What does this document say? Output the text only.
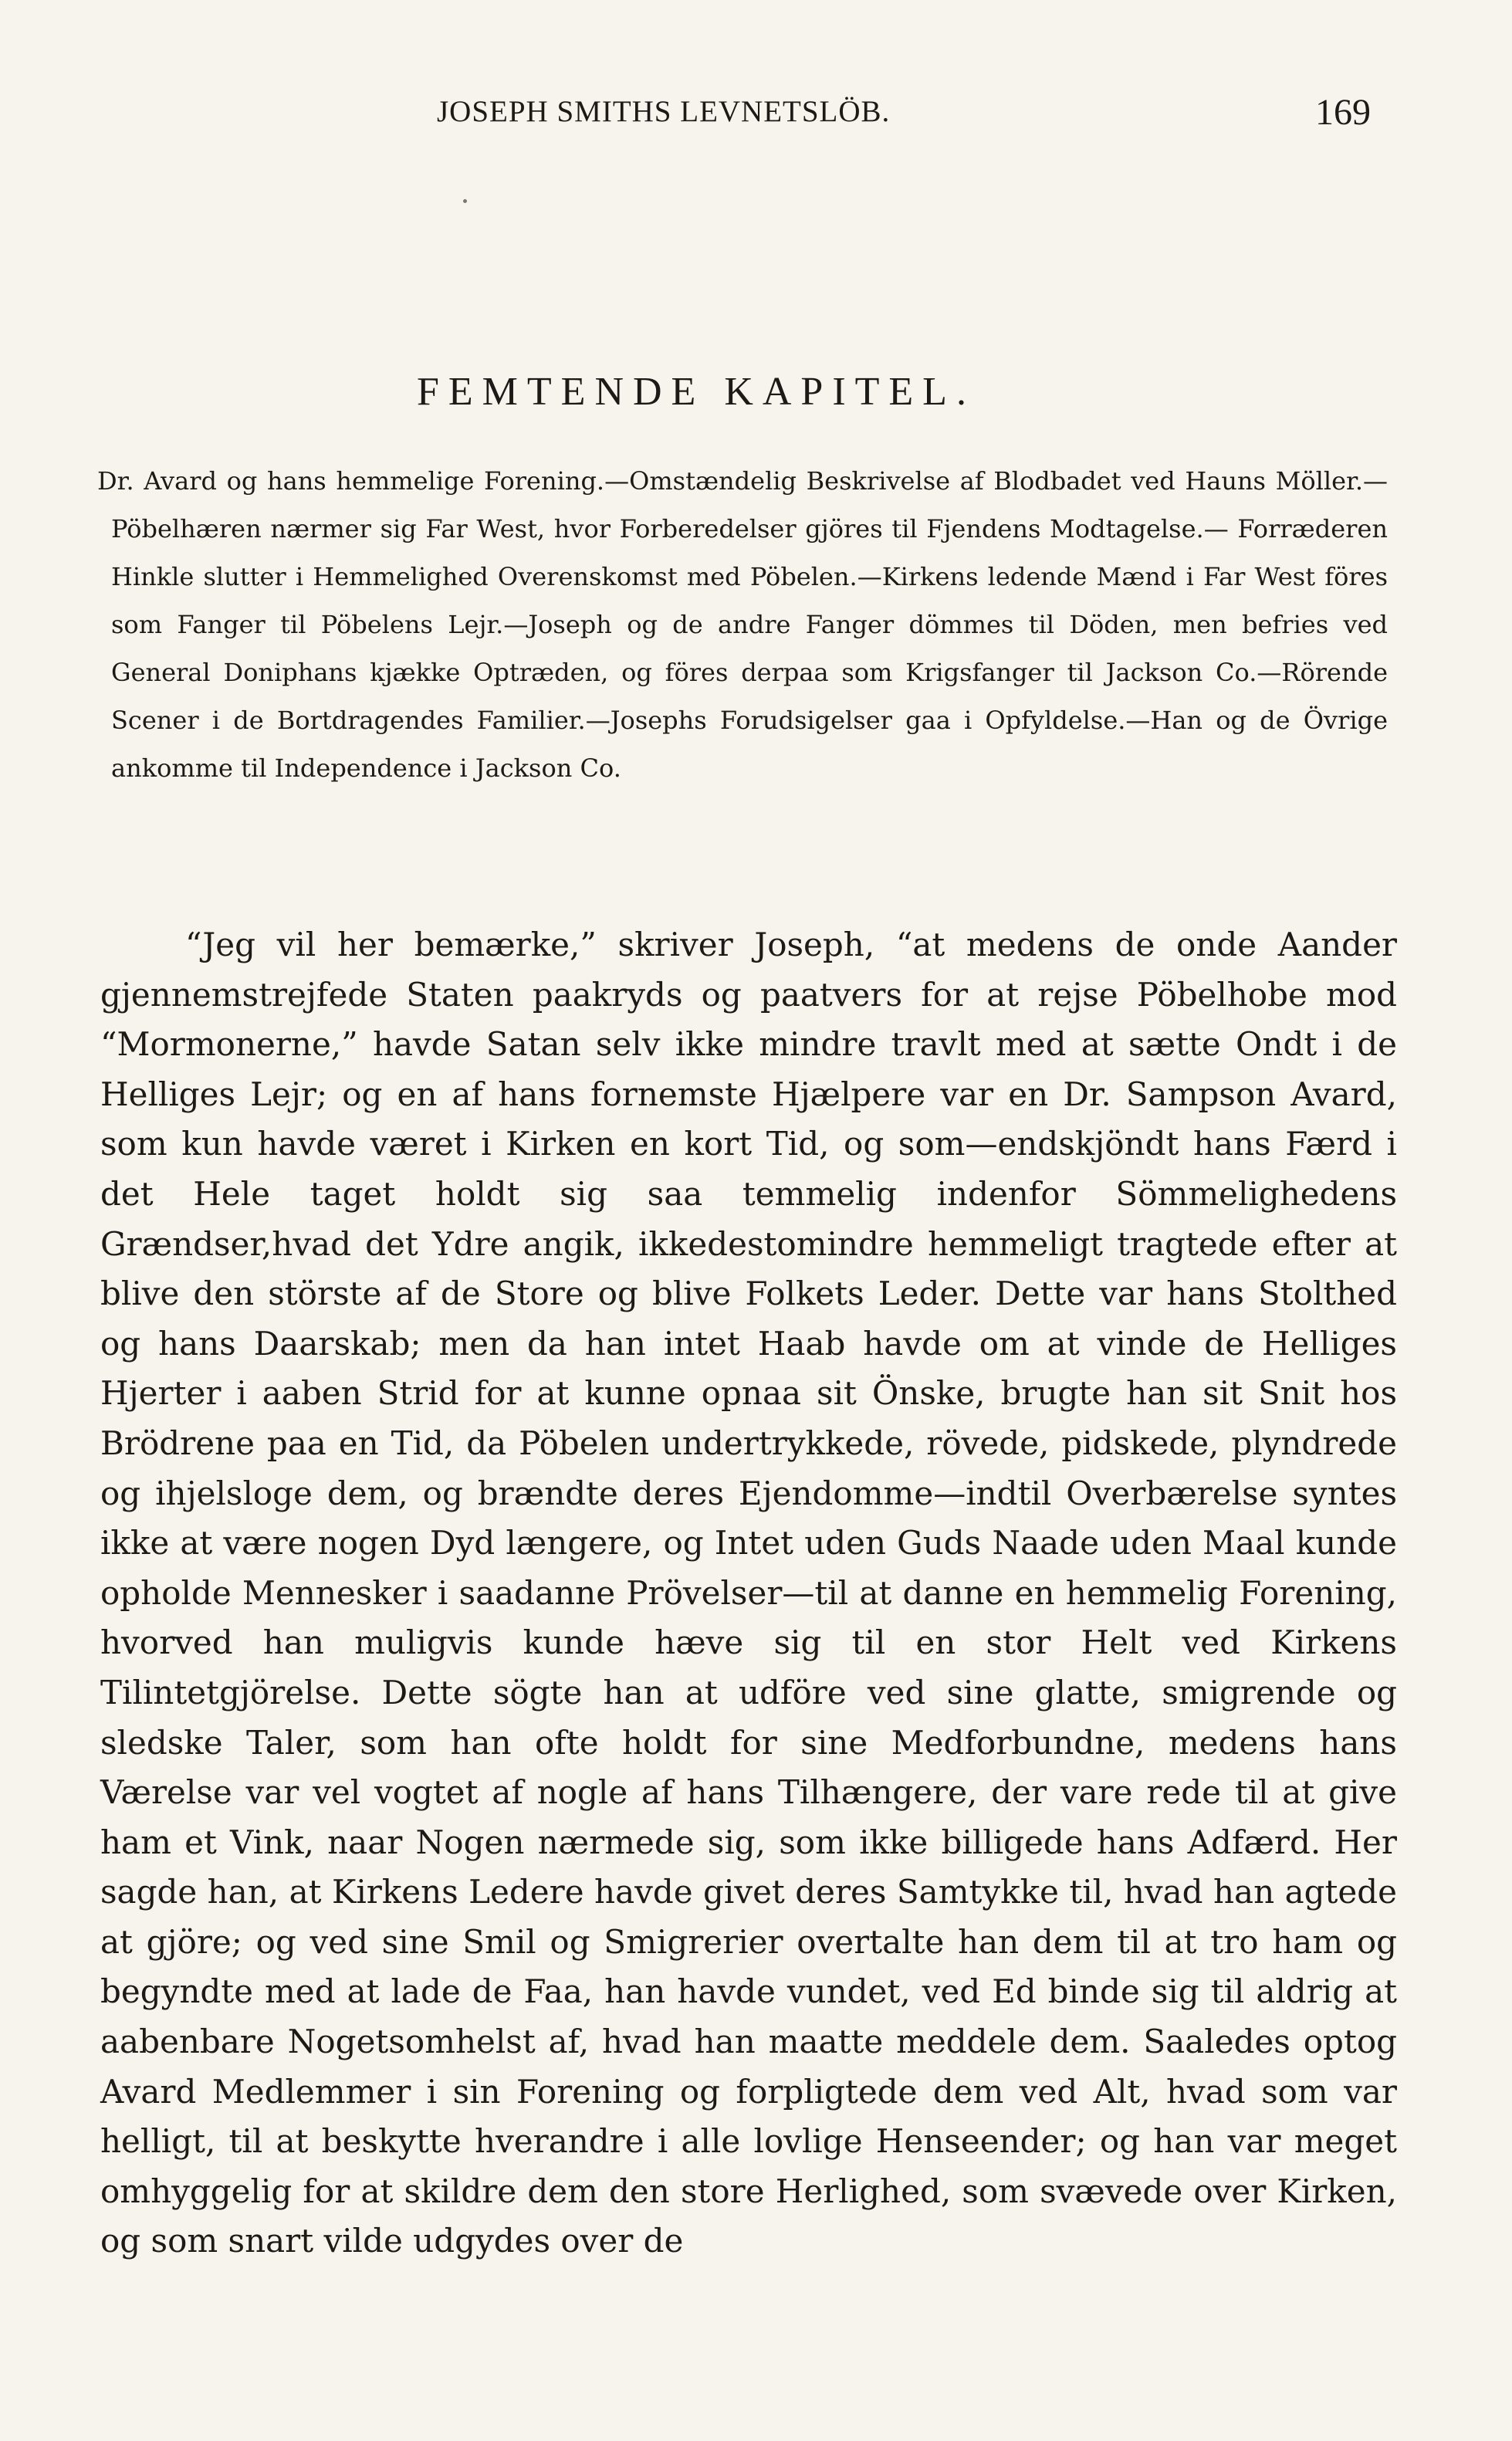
JOSEPH SMITHS LEVNETSLÖB.	169
FEMTENDE KAPITEL.
Dr. Avard og hans hemmelige Forening.—Omstændelig Beskrivelse af Blodbadet ved Hauns Möller.—Pöbelhæren nærmer sig Far West, hvor Forberedelser gjöres til Fjendens Modtagelse.— Forræderen Hinkle slutter i Hemmelighed Overenskomst med Pöbelen.—Kirkens ledende Mænd i Far West föres som Fanger til Pöbelens Lejr.—Joseph og de andre Fanger dömmes til Döden, men befries ved General Doniphans kjække Optræden, og föres derpaa som Krigsfanger til Jackson Co.—Rörende Scener i de Bortdragendes Familier.—Josephs Forudsigelser gaa i Opfyldelse.—Han og de Övrige ankomme til Independence i Jackson Co.

“Jeg vil her bemærke,” skriver Joseph, “at medens de onde Aander gjennemstrejfede Staten paakryds og paatvers for at rejse Pöbelhobe mod “Mormonerne,” havde Satan selv ikke mindre travlt med at sætte Ondt i de Helliges Lejr; og en af hans fornemste Hjælpere var en Dr. Sampson Avard, som kun havde været i Kirken en kort Tid, og som—endskjöndt hans Færd i det Hele taget holdt sig saa temmelig indenfor Sömmelighedens Grændser,hvad det Ydre angik, ikkedestomindre hemmeligt tragtede efter at blive den störste af de Store og blive Folkets Leder. Dette var hans Stolthed og hans Daarskab; men da han intet Haab havde om at vinde de Helliges Hjerter i aaben Strid for at kunne opnaa sit Önske, brugte han sit Snit hos Brödrene paa en Tid, da Pöbelen undertrykkede, rövede, pidskede, plyndrede og ihjelsloge dem, og brændte deres Ejendomme—indtil Overbærelse syntes ikke at være nogen Dyd længere, og Intet uden Guds Naade uden Maal kunde opholde Mennesker i saadanne Prövelser—til at danne en hemmelig Forening, hvorved han muligvis kunde hæve sig til en stor Helt ved Kirkens Tilintetgjörelse. Dette sögte han at udföre ved sine glatte, smigrende og sledske Taler, som han ofte holdt for sine Medforbundne, medens hans Værelse var vel vogtet af nogle af hans Tilhængere, der vare rede til at give ham et Vink, naar Nogen nærmede sig, som ikke billigede hans Adfærd. Her sagde han, at Kirkens Ledere havde givet deres Samtykke til, hvad han agtede at gjöre; og ved sine Smil og Smigrerier overtalte han dem til at tro ham og begyndte med at lade de Faa, han havde vundet, ved Ed binde sig til aldrig at aabenbare Nogetsomhelst af, hvad han maatte meddele dem. Saaledes optog Avard Medlemmer i sin Forening og forpligtede dem ved Alt, hvad som var helligt, til at beskytte hverandre i alle lovlige Henseender; og han var meget omhyggelig for at skildre dem den store Herlighed, som svævede over Kirken, og som snart vilde udgydes over de
